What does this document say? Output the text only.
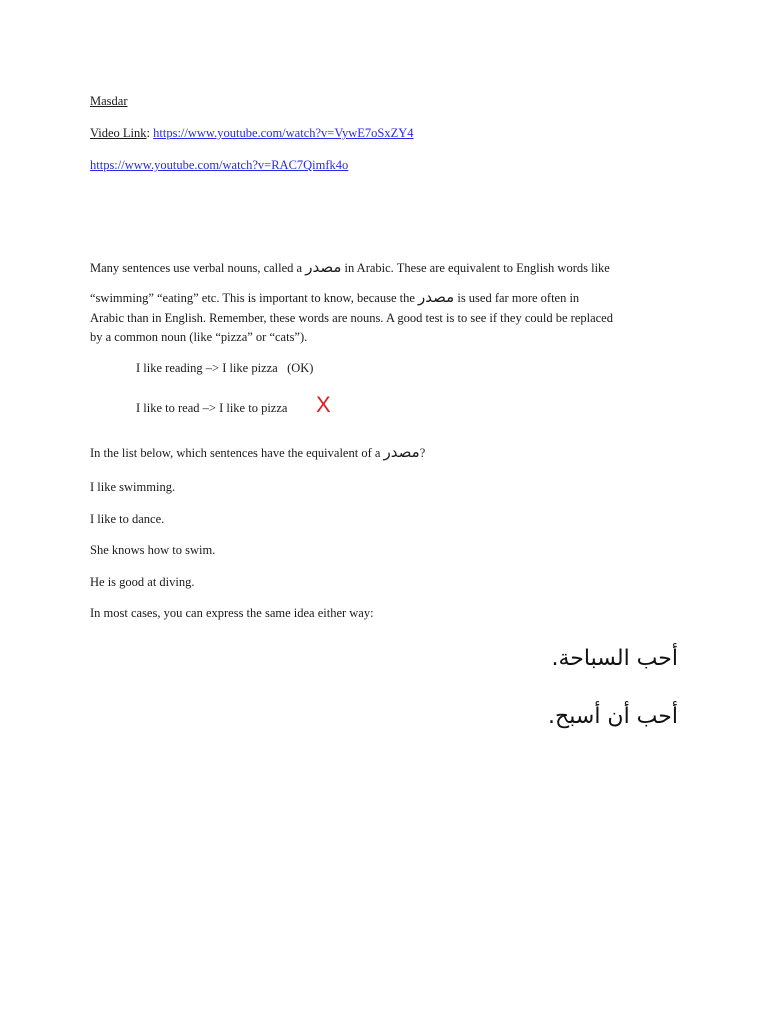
Masdar
Video Link: https://www.youtube.com/watch?v=VywE7oSxZY4
https://www.youtube.com/watch?v=RAC7Qimfk4o
Many sentences use verbal nouns, called a مصدر in Arabic. These are equivalent to English words like
“swimming” “eating” etc. This is important to know, because the مصدر is used far more often in
Arabic than in English. Remember, these words are nouns. A good test is to see if they could be replaced
by a common noun (like “pizza” or “cats”).
I like reading –> I like pizza   (OK)
I like to read –> I like to pizza X
In the list below, which sentences have the equivalent of a مصدر?
I like swimming.
I like to dance.
She knows how to swim.
He is good at diving.
In most cases, you can express the same idea either way:
أحب السباحة.
أحب أن أسبح.
